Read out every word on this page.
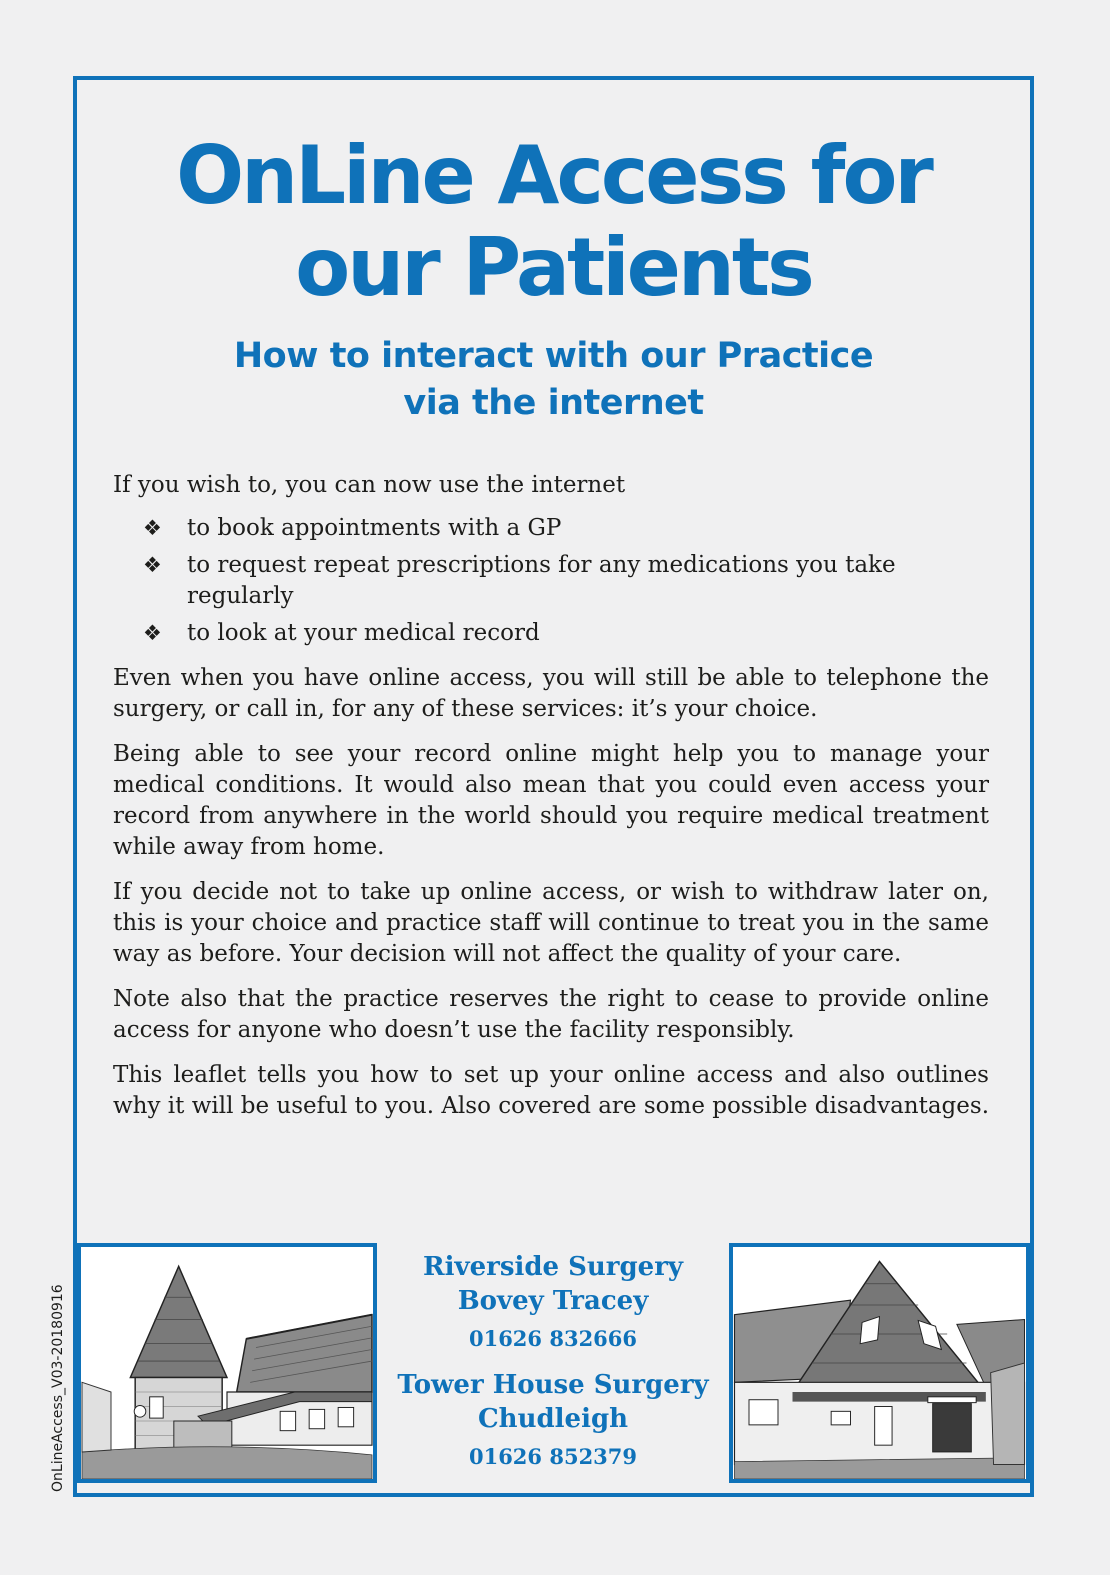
OnLine Access for
our Patients
How to interact with our Practice
via the internet

If you wish to, you can now use the internet

❖ to book appointments with a GP
❖ to request repeat prescriptions for any medications you take regularly
❖ to look at your medical record

Even when you have online access, you will still be able to telephone the surgery, or call in, for any of these services: it’s your choice.

Being able to see your record online might help you to manage your medical conditions. It would also mean that you could even access your record from anywhere in the world should you require medical treatment while away from home.

If you decide not to take up online access, or wish to withdraw later on, this is your choice and practice staff will continue to treat you in the same way as before. Your decision will not affect the quality of your care.

Note also that the practice reserves the right to cease to provide online access for anyone who doesn’t use the facility responsibly.

This leaflet tells you how to set up your online access and also outlines why it will be useful to you. Also covered are some possible disadvantages.

Riverside Surgery
Bovey Tracey
01626 832666
Tower House Surgery
Chudleigh
01626 852379
OnLineAccess_V03-20180916
